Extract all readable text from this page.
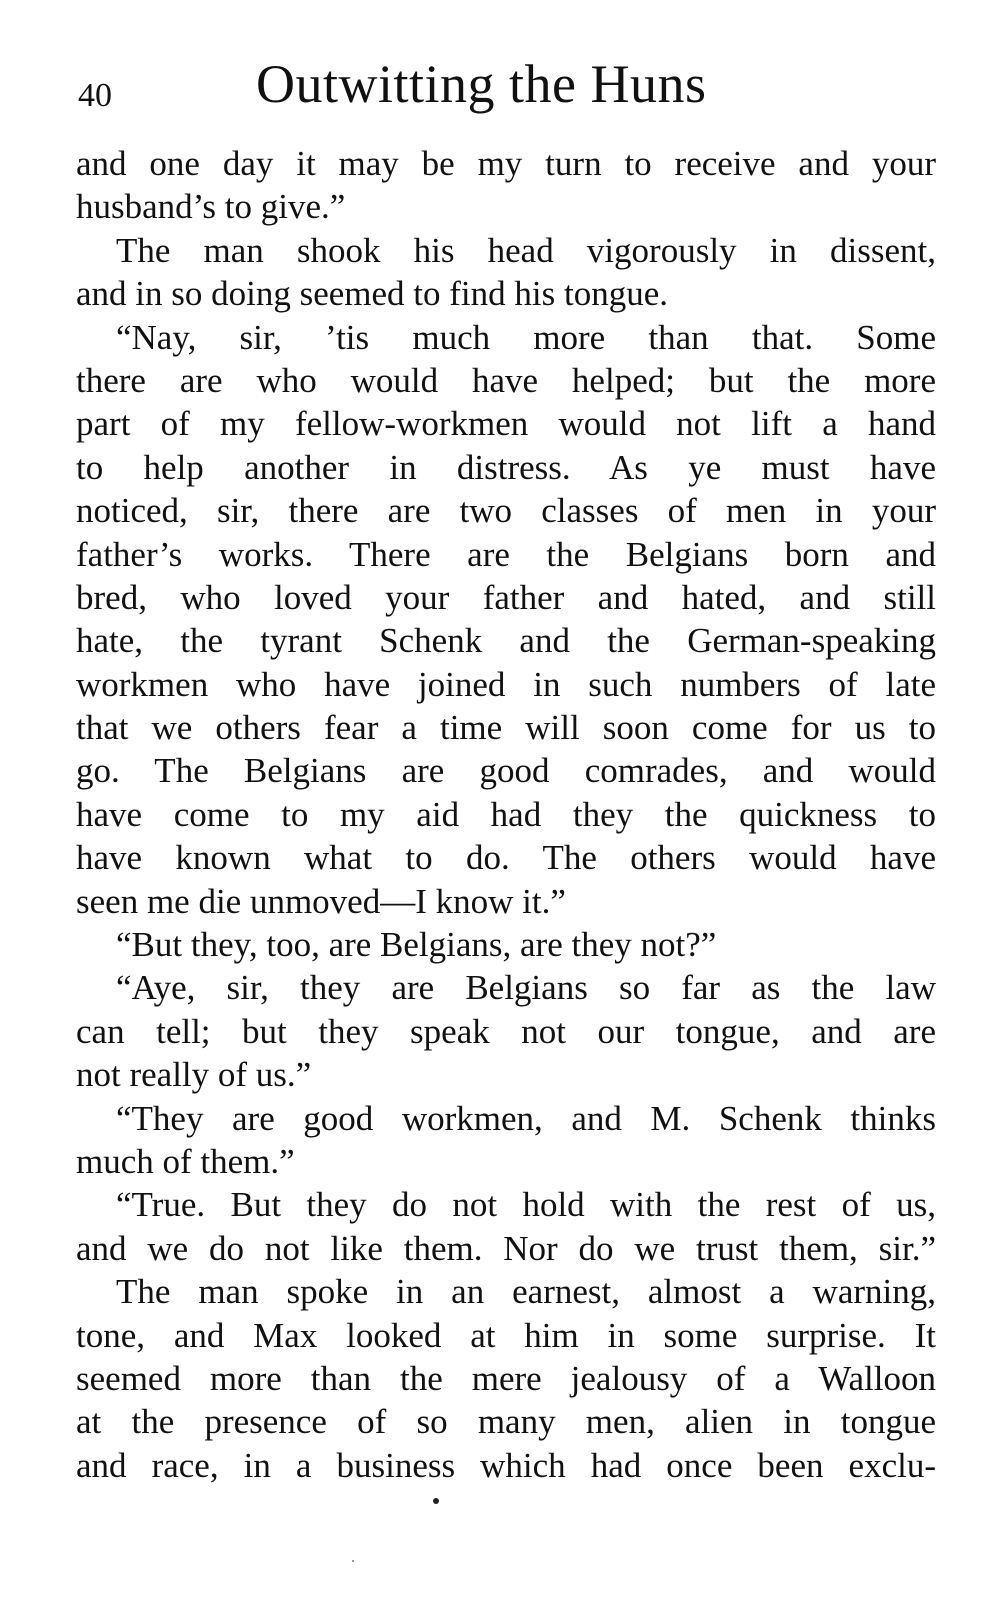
40	Outwitting the Huns
and one day it may be my turn to receive and your
husband’s to give.”
The man shook his head vigorously in dissent,
and in so doing seemed to find his tongue.
“Nay, sir, ’tis much more than that. Some
there are who would have helped; but the more
part of my fellow-workmen would not lift a hand
to help another in distress. As ye must have
noticed, sir, there are two classes of men in your
father’s works. There are the Belgians born and
bred, who loved your father and hated, and still
hate, the tyrant Schenk and the German-speaking
workmen who have joined in such numbers of late
that we others fear a time will soon come for us to
go. The Belgians are good comrades, and would
have come to my aid had they the quickness to
have known what to do. The others would have
seen me die unmoved—I know it.”
“But they, too, are Belgians, are they not?”
“Aye, sir, they are Belgians so far as the law
can tell; but they speak not our tongue, and are
not really of us.”
“They are good workmen, and M. Schenk thinks
much of them.”
“True. But they do not hold with the rest of us,
and we do not like them. Nor do we trust them, sir.”
The man spoke in an earnest, almost a warning,
tone, and Max looked at him in some surprise. It
seemed more than the mere jealousy of a Walloon
at the presence of so many men, alien in tongue
and race, in a business which had once been exclu-
